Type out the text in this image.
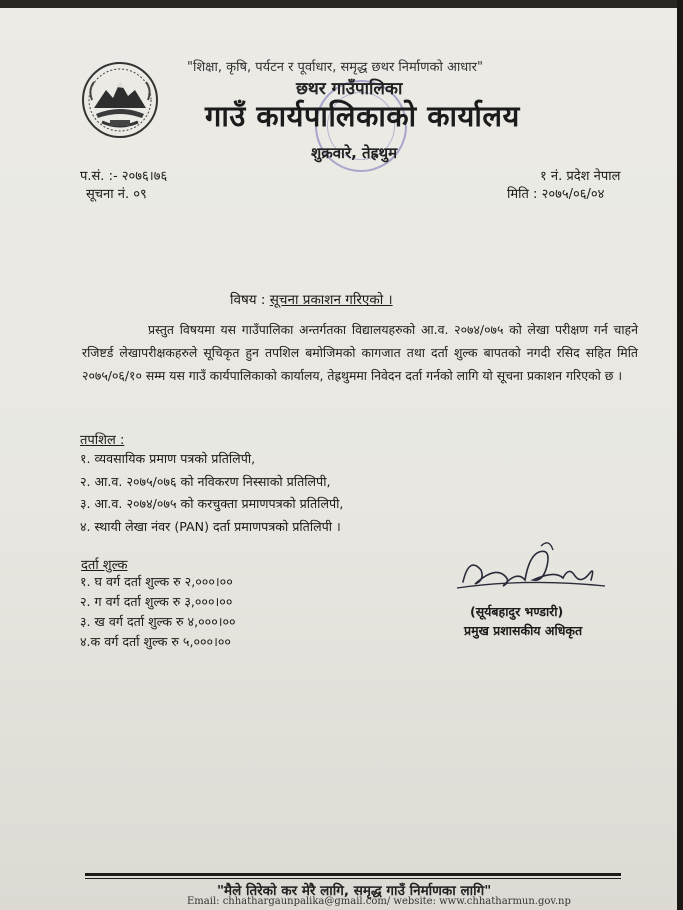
"शिक्षा, कृषि, पर्यटन र पूर्वाधार, समृद्ध छथर निर्माणको आधार"
छथर गाउँपालिका
गाउँ कार्यपालिकाको कार्यालय
शुक्रवारे, तेह्रथुम
प.सं. :- २०७६।७६
सूचना नं. ०९
१ नं. प्रदेश नेपाल
मिति : २०७५/०६/०४
विषय : सूचना प्रकाशन गरिएको ।
प्रस्तुत विषयमा यस गाउँपालिका अन्तर्गतका विद्यालयहरुको आ.व. २०७४/०७५ को लेखा परीक्षण गर्न चाहने रजिष्टर्ड लेखापरीक्षकहरुले सूचिकृत हुन तपशिल बमोजिमको कागजात तथा दर्ता शुल्क बापतको नगदी रसिद सहित मिति २०७५/०६/१० सम्म यस गाउँ कार्यपालिकाको कार्यालय, तेह्रथुममा निवेदन दर्ता गर्नको लागि यो सूचना प्रकाशन गरिएको छ ।
तपशिल :
१. व्यवसायिक प्रमाण पत्रको प्रतिलिपी,
२. आ.व. २०७५/०७६ को नविकरण निस्साको प्रतिलिपी,
३. आ.व. २०७४/०७५ को करचुक्ता प्रमाणपत्रको प्रतिलिपी,
४. स्थायी लेखा नंवर (PAN) दर्ता प्रमाणपत्रको प्रतिलिपी ।
दर्ता शुल्क
१. घ वर्ग दर्ता शुल्क रु २,०००।००
२. ग वर्ग दर्ता शुल्क रु ३,०००।००
३. ख वर्ग दर्ता शुल्क रु ४,०००।००
४.क वर्ग दर्ता शुल्क रु ५,०००।००
(सूर्यबहादुर भण्डारी)
प्रमुख प्रशासकीय अधिकृत
"मैले तिरेको कर मेरै लागि, समृद्ध गाउँ निर्माणका लागि"
Email: chhathargaunpalika@gmail.com/ website: www.chhatharmun.gov.np
